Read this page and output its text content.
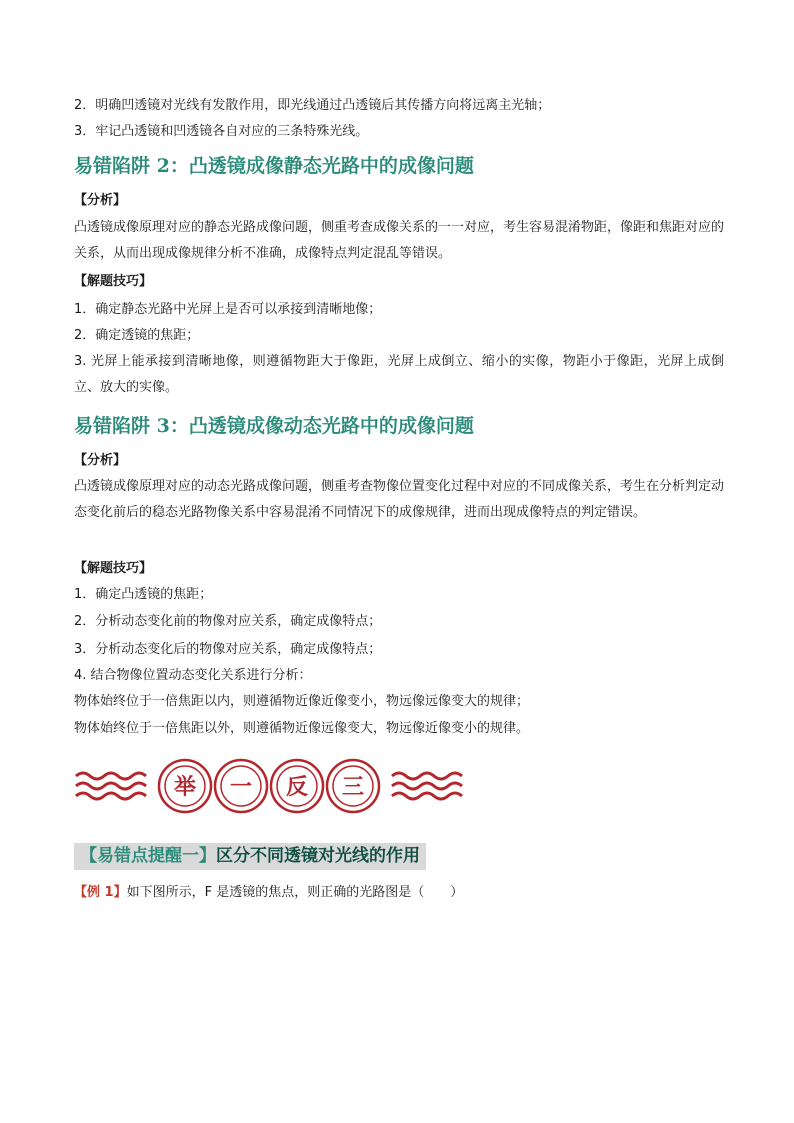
2．明确凹透镜对光线有发散作用，即光线通过凸透镜后其传播方向将远离主光轴；
3．牢记凸透镜和凹透镜各自对应的三条特殊光线。
易错陷阱 2：凸透镜成像静态光路中的成像问题
【分析】
凸透镜成像原理对应的静态光路成像问题，侧重考查成像关系的一一对应，考生容易混淆物距，像距和焦距对应的关系，从而出现成像规律分析不准确，成像特点判定混乱等错误。
【解题技巧】
1．确定静态光路中光屏上是否可以承接到清晰地像；
2．确定透镜的焦距；
3. 光屏上能承接到清晰地像，则遵循物距大于像距，光屏上成倒立、缩小的实像，物距小于像距，光屏上成倒立、放大的实像。
易错陷阱 3：凸透镜成像动态光路中的成像问题
【分析】
凸透镜成像原理对应的动态光路成像问题，侧重考查物像位置变化过程中对应的不同成像关系，考生在分析判定动态变化前后的稳态光路物像关系中容易混淆不同情况下的成像规律，进而出现成像特点的判定错误。
【解题技巧】
1．确定凸透镜的焦距；
2．分析动态变化前的物像对应关系，确定成像特点；
3．分析动态变化后的物像对应关系，确定成像特点；
4. 结合物像位置动态变化关系进行分析：
物体始终位于一倍焦距以内，则遵循物近像近像变小，物远像远像变大的规律；
物体始终位于一倍焦距以外，则遵循物近像远像变大，物远像近像变小的规律。
举 一 反 三
【易错点提醒一】区分不同透镜对光线的作用
【例 1】如下图所示，F 是透镜的焦点，则正确的光路图是（　　）
